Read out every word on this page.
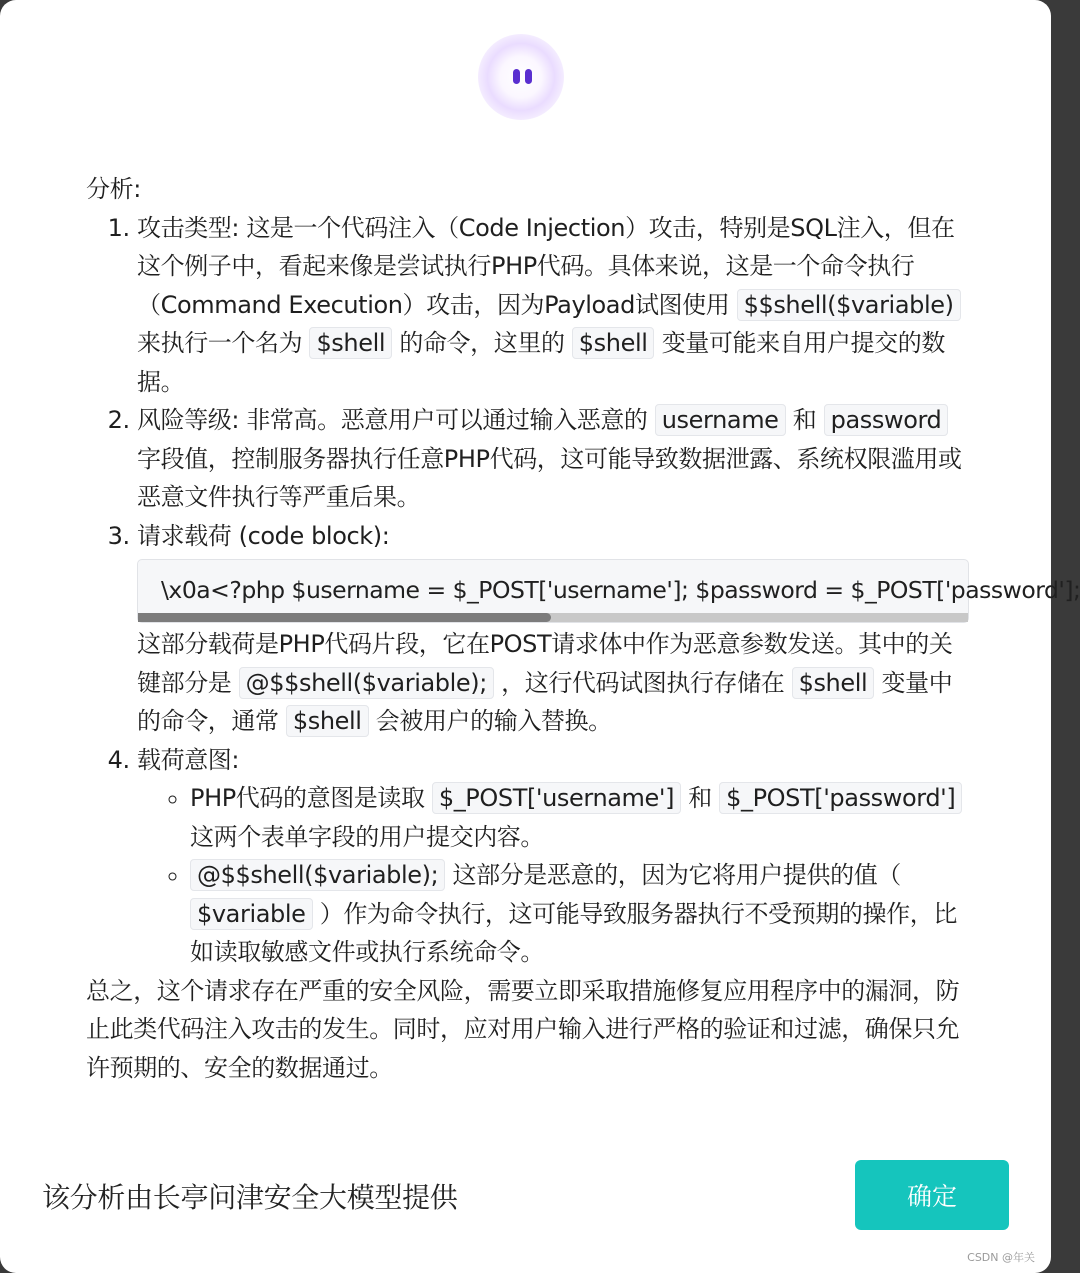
分析:

1. 攻击类型: 这是一个代码注入（Code Injection）攻击，特别是SQL注入，但在这个例子中，看起来像是尝试执行PHP代码。具体来说，这是一个命令执行（Command Execution）攻击，因为Payload试图使用 $$shell($variable) 来执行一个名为 $shell 的命令，这里的 $shell 变量可能来自用户提交的数据。
2. 风险等级: 非常高。恶意用户可以通过输入恶意的 username 和 password 字段值，控制服务器执行任意PHP代码，这可能导致数据泄露、系统权限滥用或恶意文件执行等严重后果。
3. 请求载荷 (code block):
\x0a<?php $username = $_POST['username']; $password = $_POST['password'];
这部分载荷是PHP代码片段，它在POST请求体中作为恶意参数发送。其中的关键部分是 @$$shell($variable); ，这行代码试图执行存储在 $shell 变量中的命令，通常 $shell 会被用户的输入替换。
4. 载荷意图:
◦ PHP代码的意图是读取 $_POST['username'] 和 $_POST['password'] 这两个表单字段的用户提交内容。
◦ @$$shell($variable); 这部分是恶意的，因为它将用户提供的值（ $variable ）作为命令执行，这可能导致服务器执行不受预期的操作，比如读取敏感文件或执行系统命令。

总之，这个请求存在严重的安全风险，需要立即采取措施修复应用程序中的漏洞，防止此类代码注入攻击的发生。同时，应对用户输入进行严格的验证和过滤，确保只允许预期的、安全的数据通过。

该分析由长亭问津安全大模型提供	确定
CSDN @年关
